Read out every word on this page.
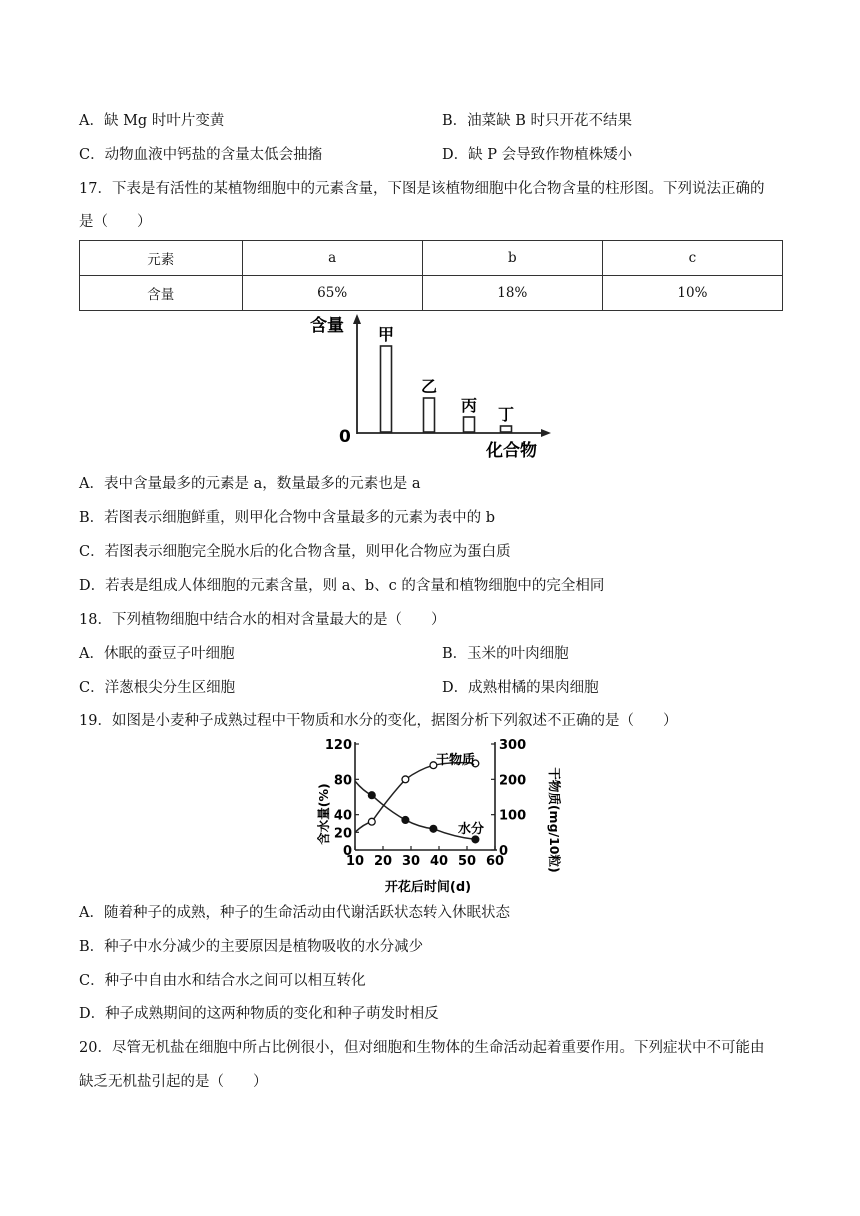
A．缺 Mg 时叶片变黄	B．油菜缺 B 时只开花不结果
C．动物血液中钙盐的含量太低会抽搐	D．缺 P 会导致作物植株矮小
17．下表是有活性的某植物细胞中的元素含量，下图是该植物细胞中化合物含量的柱形图。下列说法正确的
是（　　）
元素	a	b	c
含量	65%	18%	10%
含量
0
化合物
甲
乙
丙 丁
A．表中含量最多的元素是 a，数量最多的元素也是 a
B．若图表示细胞鲜重，则甲化合物中含量最多的元素为表中的 b
C．若图表示细胞完全脱水后的化合物含量，则甲化合物应为蛋白质
D．若表是组成人体细胞的元素含量，则 a、b、c 的含量和植物细胞中的完全相同
18．下列植物细胞中结合水的相对含量最大的是（　　）
A．休眠的蚕豆子叶细胞	B．玉米的叶肉细胞
C．洋葱根尖分生区细胞	D．成熟柑橘的果肉细胞
19．如图是小麦种子成熟过程中干物质和水分的变化，据图分析下列叙述不正确的是（　　）
含水量(%)	干物质(mg/10粒)
开花后时间(d)
10 20 30 40 50 60
120
80
40
20
0
300
200
100
0
干物质
水分
A．随着种子的成熟，种子的生命活动由代谢活跃状态转入休眠状态
B．种子中水分减少的主要原因是植物吸收的水分减少
C．种子中自由水和结合水之间可以相互转化
D．种子成熟期间的这两种物质的变化和种子萌发时相反
20．尽管无机盐在细胞中所占比例很小，但对细胞和生物体的生命活动起着重要作用。下列症状中不可能由
缺乏无机盐引起的是（　　）
